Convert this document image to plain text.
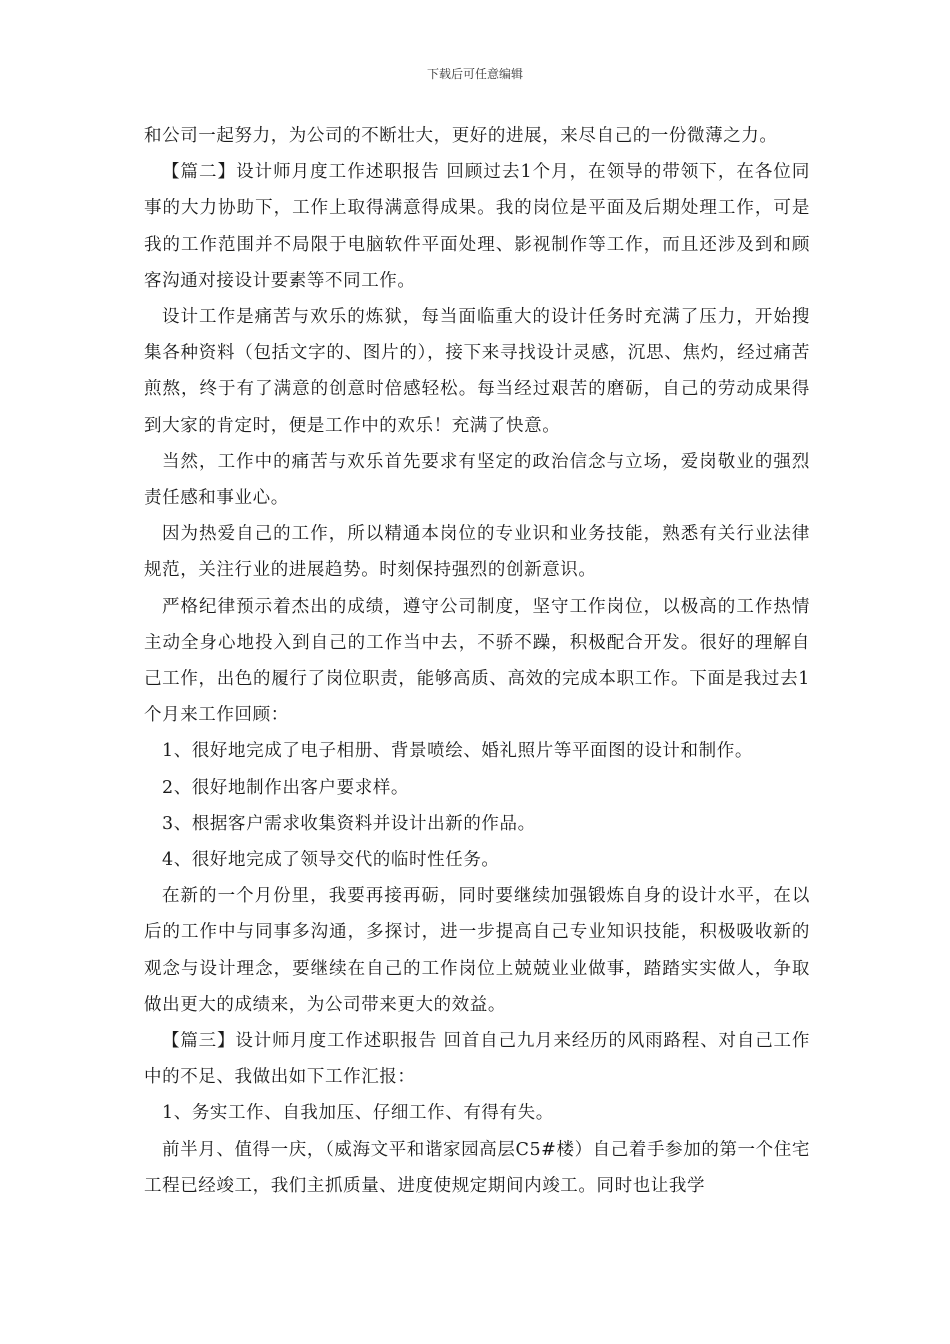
下载后可任意编辑

和公司一起努力，为公司的不断壮大，更好的进展，来尽自己的一份微薄之力。

【篇二】设计师月度工作述职报告 回顾过去1个月，在领导的带领下，在各位同事的大力协助下，工作上取得满意得成果。我的岗位是平面及后期处理工作，可是我的工作范围并不局限于电脑软件平面处理、影视制作等工作，而且还涉及到和顾客沟通对接设计要素等不同工作。

设计工作是痛苦与欢乐的炼狱，每当面临重大的设计任务时充满了压力，开始搜集各种资料（包括文字的、图片的），接下来寻找设计灵感，沉思、焦灼，经过痛苦煎熬，终于有了满意的创意时倍感轻松。每当经过艰苦的磨砺，自己的劳动成果得到大家的肯定时，便是工作中的欢乐！充满了快意。

当然，工作中的痛苦与欢乐首先要求有坚定的政治信念与立场，爱岗敬业的强烈责任感和事业心。

因为热爱自己的工作，所以精通本岗位的专业识和业务技能，熟悉有关行业法律规范，关注行业的进展趋势。时刻保持强烈的创新意识。

严格纪律预示着杰出的成绩，遵守公司制度，坚守工作岗位，以极高的工作热情主动全身心地投入到自己的工作当中去，不骄不躁，积极配合开发。很好的理解自己工作，出色的履行了岗位职责，能够高质、高效的完成本职工作。下面是我过去1个月来工作回顾：

1、很好地完成了电子相册、背景喷绘、婚礼照片等平面图的设计和制作。

2、很好地制作出客户要求样。

3、根据客户需求收集资料并设计出新的作品。

4、很好地完成了领导交代的临时性任务。

在新的一个月份里，我要再接再砺，同时要继续加强锻炼自身的设计水平，在以后的工作中与同事多沟通，多探讨，进一步提高自己专业知识技能，积极吸收新的观念与设计理念，要继续在自己的工作岗位上兢兢业业做事，踏踏实实做人，争取做出更大的成绩来，为公司带来更大的效益。

【篇三】设计师月度工作述职报告 回首自己九月来经历的风雨路程、对自己工作中的不足、我做出如下工作汇报：

1、务实工作、自我加压、仔细工作、有得有失。

前半月、值得一庆，（威海文平和谐家园高层C5#楼）自己着手参加的第一个住宅工程已经竣工，我们主抓质量、进度使规定期间内竣工。同时也让我学
